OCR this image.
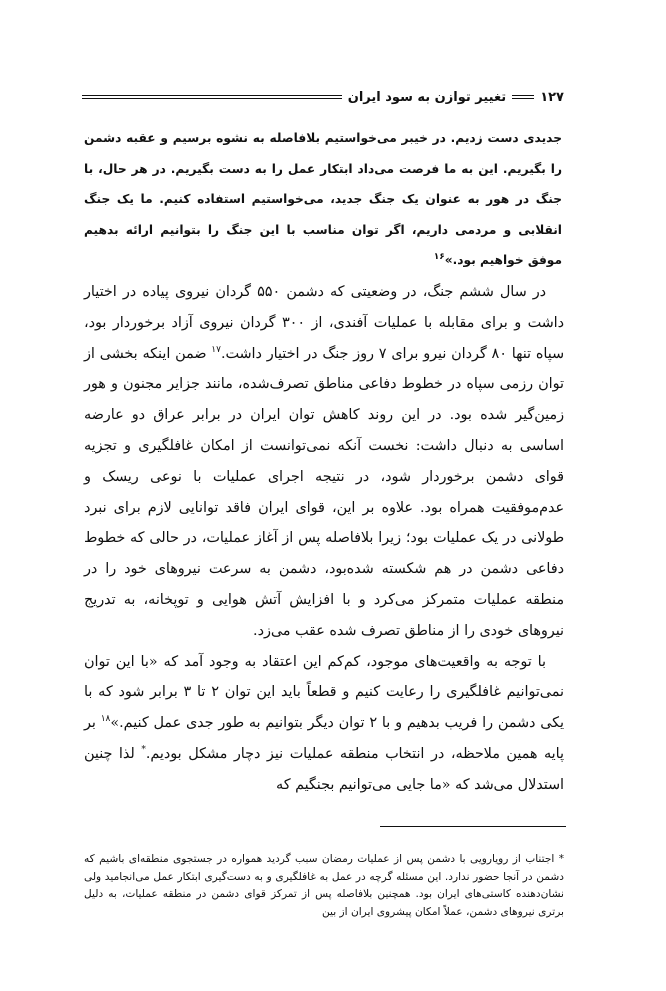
۱۲۷
تغییر توازن به سود ایران
جدیدی دست زدیم. در خیبر می‌خواستیم بلافاصله به نشوه برسیم و عقبه دشمن را بگیریم. این به ما فرصت می‌داد ابتکار عمل را به دست بگیریم. در هر حال، با جنگ در هور به عنوان یک جنگ جدید، می‌خواستیم استفاده کنیم. ما یک جنگ انقلابی و مردمی داریم، اگر توان مناسب با این جنگ را بتوانیم ارائه بدهیم موفق خواهیم بود.»$^{۱۶}$

در سال ششم جنگ، در وضعیتی که دشمن ۵۵۰ گردان نیروی پیاده در اختیار داشت و برای مقابله با عملیات آفندی، از ۳۰۰ گردان نیروی آزاد برخوردار بود، سپاه تنها ۸۰ گردان نیرو برای ۷ روز جنگ در اختیار داشت.$^{۱۷}$ ضمن اینکه بخشی از توان رزمی سپاه در خطوط دفاعی مناطق تصرف‌شده، مانند جزایر مجنون و هور زمین‌گیر شده بود. در این روند کاهش توان ایران در برابر عراق دو عارضه اساسی به دنبال داشت: نخست آنکه نمی‌توانست از امکان غافلگیری و تجزیه قوای دشمن برخوردار شود، در نتیجه اجرای عملیات با نوعی ریسک و عدم‌موفقیت همراه بود. علاوه بر این، قوای ایران فاقد توانایی لازم برای نبرد طولانی در یک عملیات بود؛ زیرا بلافاصله پس از آغاز عملیات، در حالی که خطوط دفاعی دشمن در هم شکسته شده‌بود، دشمن به سرعت نیروهای خود را در منطقه عملیات متمرکز می‌کرد و با افزایش آتش هوایی و توپخانه، به تدریج نیروهای خودی را از مناطق تصرف شده عقب می‌زد.

با توجه به واقعیت‌های موجود، کم‌کم این اعتقاد به وجود آمد که «با این توان نمی‌توانیم غافلگیری را رعایت کنیم و قطعاً باید این توان ۲ تا ۳ برابر شود که با یکی دشمن را فریب بدهیم و با ۲ توان دیگر بتوانیم به طور جدی عمل کنیم.»$^{۱۸}$ بر پایه همین ملاحظه، در انتخاب منطقه عملیات نیز دچار مشکل بودیم.* لذا چنین استدلال می‌شد که «ما جایی می‌توانیم بجنگیم که

* اجتناب از رویارویی با دشمن پس از عملیات رمضان سبب گردید همواره در جستجوی منطقه‌ای باشیم که دشمن در آنجا حضور ندارد. این مسئله گرچه در عمل به غافلگیری و به دست‌گیری ابتکار عمل می‌انجامید ولی نشان‌دهنده کاستی‌های ایران بود. همچنین بلافاصله پس از تمرکز قوای دشمن در منطقه عملیات، به دلیل برتری نیروهای دشمن، عملاً امکان پیشروی ایران از بین
